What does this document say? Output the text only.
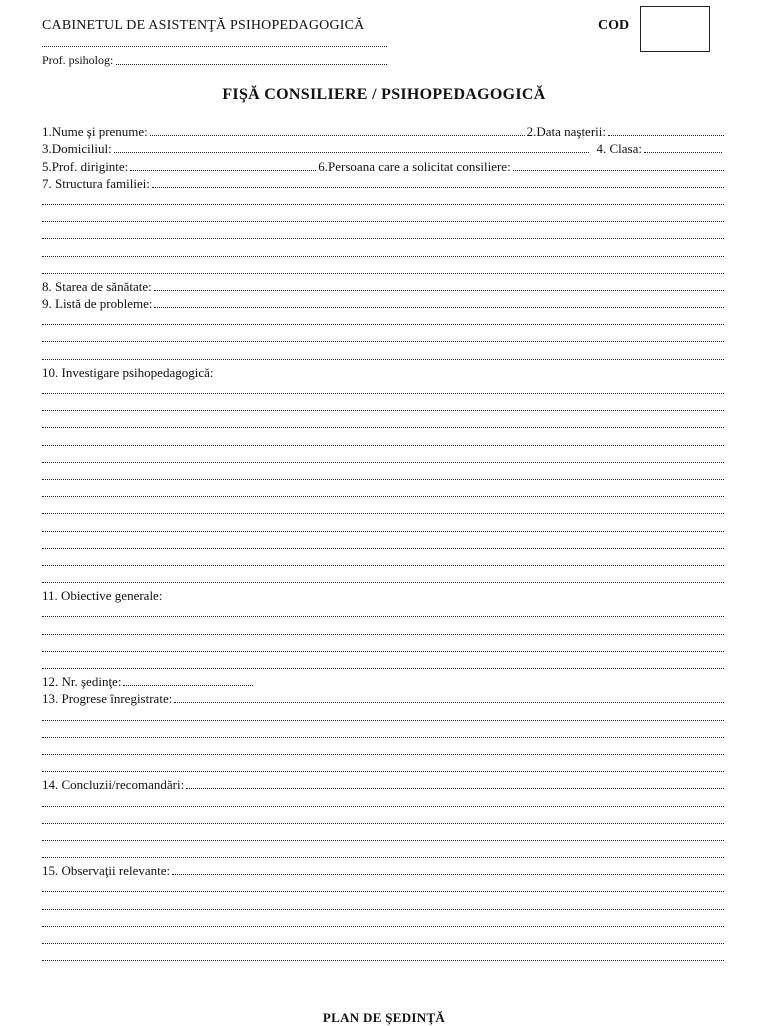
CABINETUL DE ASISTENŢĂ PSIHOPEDAGOGICĂ
Prof. psiholog:
COD
FIŞĂ CONSILIERE / PSIHOPEDAGOGICĂ
1.Nume şi prenume:	2.Data naşterii:
3.Domiciliul:	4. Clasa:
5.Prof. diriginte:	6.Persoana care a solicitat consiliere:
7. Structura familiei:
8. Starea de sănătate:
9. Listă de probleme:
10. Investigare psihopedagogică:
11. Obiective generale:
12. Nr. şedinţe:
13. Progrese înregistrate:
14. Concluzii/recomandări:
15. Observaţii relevante:
PLAN DE ŞEDINŢĂ
